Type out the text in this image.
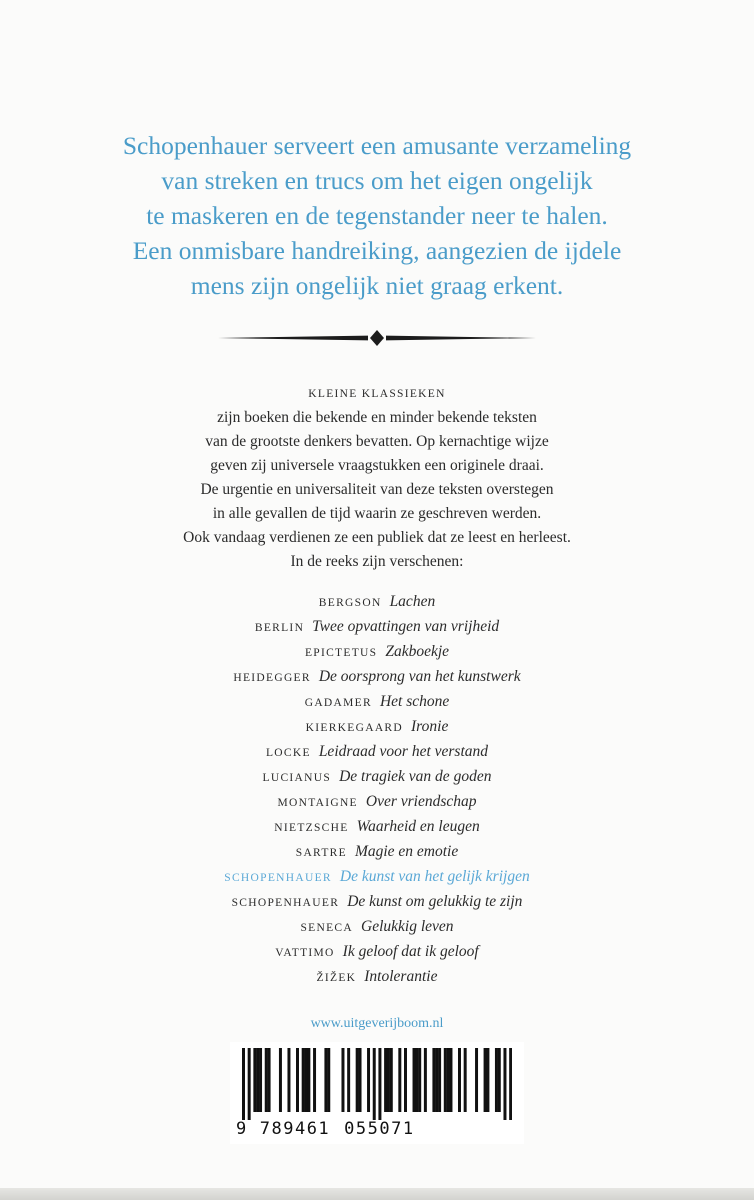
Schopenhauer serveert een amusante verzameling
van streken en trucs om het eigen ongelijk
te maskeren en de tegenstander neer te halen.
Een onmisbare handreiking, aangezien de ijdele
mens zijn ongelijk niet graag erkent.
KLEINE KLASSIEKEN
zijn boeken die bekende en minder bekende teksten
van de grootste denkers bevatten. Op kernachtige wijze
geven zij universele vraagstukken een originele draai.
De urgentie en universaliteit van deze teksten overstegen
in alle gevallen de tijd waarin ze geschreven werden.
Ook vandaag verdienen ze een publiek dat ze leest en herleest.
In de reeks zijn verschenen:
BERGSON Lachen
BERLIN Twee opvattingen van vrijheid
EPICTETUS Zakboekje
HEIDEGGER De oorsprong van het kunstwerk
GADAMER Het schone
KIERKEGAARD Ironie
LOCKE Leidraad voor het verstand
LUCIANUS De tragiek van de goden
MONTAIGNE Over vriendschap
NIETZSCHE Waarheid en leugen
SARTRE Magie en emotie
SCHOPENHAUER De kunst van het gelijk krijgen
SCHOPENHAUER De kunst om gelukkig te zijn
SENECA Gelukkig leven
VATTIMO Ik geloof dat ik geloof
ŽIŽEK Intolerantie
www.uitgeverijboom.nl
9 789461 055071
